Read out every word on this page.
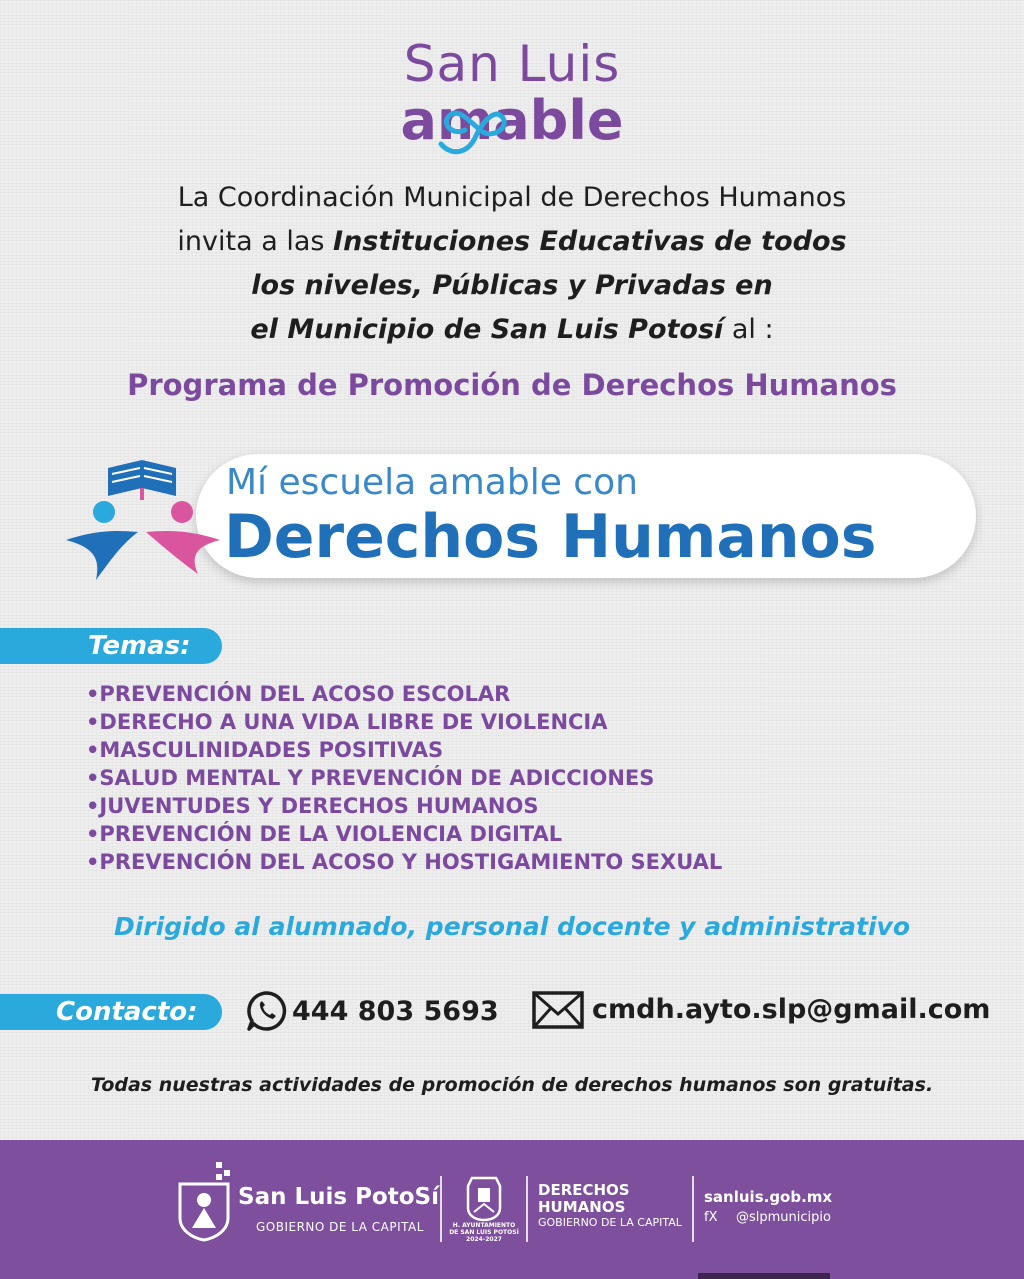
San Luis
amable
La Coordinación Municipal de Derechos Humanos
invita a las Instituciones Educativas de todos
los niveles, Públicas y Privadas en
el Municipio de San Luis Potosí al :
Programa de Promoción de Derechos Humanos
Mí escuela amable con
Derechos Humanos
Temas:
•PREVENCIÓN DEL ACOSO ESCOLAR
•DERECHO A UNA VIDA LIBRE DE VIOLENCIA
•MASCULINIDADES POSITIVAS
•SALUD MENTAL Y PREVENCIÓN DE ADICCIONES
•JUVENTUDES Y DERECHOS HUMANOS
•PREVENCIÓN DE LA VIOLENCIA DIGITAL
•PREVENCIÓN DEL ACOSO Y HOSTIGAMIENTO SEXUAL
Dirigido al alumnado, personal docente y administrativo
Contacto:	444 803 5693	cmdh.ayto.slp@gmail.com
Todas nuestras actividades de promoción de derechos humanos son gratuitas.
San Luis PotoSí
GOBIERNO DE LA CAPITAL	H. AYUNTAMIENTO DE SAN LUIS POTOSÍ 2024-2027
DERECHOS
HUMANOS
GOBIERNO DE LA CAPITAL
sanluis.gob.mx
fX @slpmunicipio
